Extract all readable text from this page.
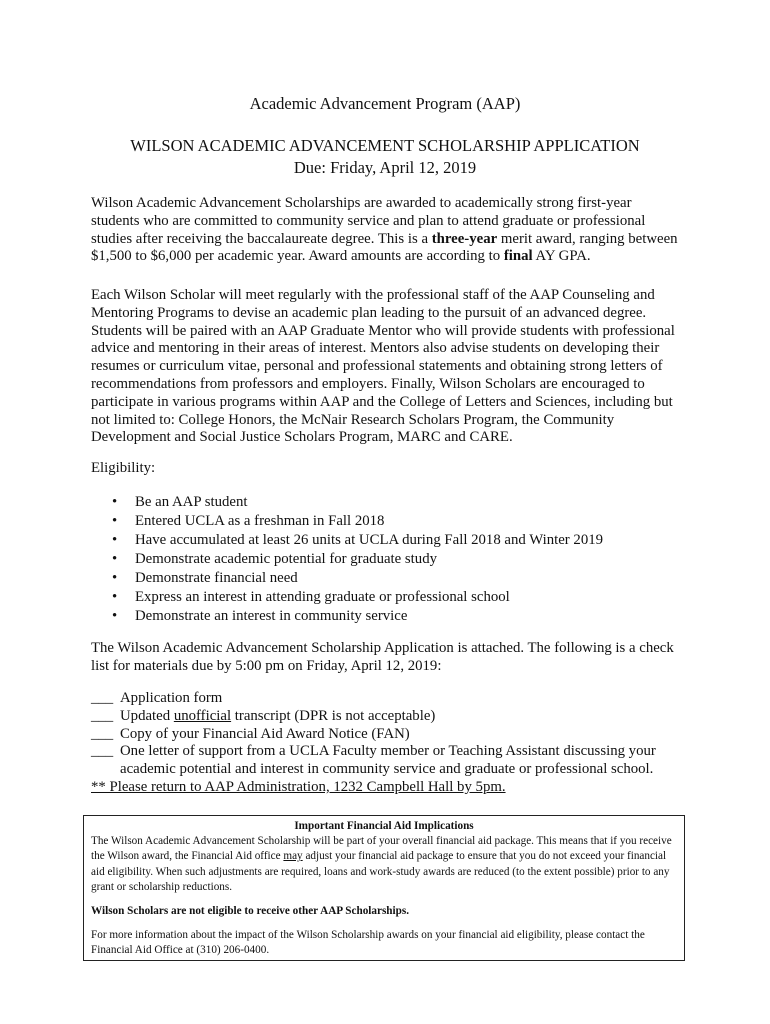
Academic Advancement Program (AAP)
WILSON ACADEMIC ADVANCEMENT SCHOLARSHIP APPLICATION
Due: Friday, April 12, 2019
Wilson Academic Advancement Scholarships are awarded to academically strong first-year students who are committed to community service and plan to attend graduate or professional studies after receiving the baccalaureate degree. This is a three-year merit award, ranging between $1,500 to $6,000 per academic year. Award amounts are according to final AY GPA.
Each Wilson Scholar will meet regularly with the professional staff of the AAP Counseling and Mentoring Programs to devise an academic plan leading to the pursuit of an advanced degree. Students will be paired with an AAP Graduate Mentor who will provide students with professional advice and mentoring in their areas of interest. Mentors also advise students on developing their resumes or curriculum vitae, personal and professional statements and obtaining strong letters of recommendations from professors and employers. Finally, Wilson Scholars are encouraged to participate in various programs within AAP and the College of Letters and Sciences, including but not limited to: College Honors, the McNair Research Scholars Program, the Community Development and Social Justice Scholars Program, MARC and CARE.
Eligibility:
• Be an AAP student
• Entered UCLA as a freshman in Fall 2018
• Have accumulated at least 26 units at UCLA during Fall 2018 and Winter 2019
• Demonstrate academic potential for graduate study
• Demonstrate financial need
• Express an interest in attending graduate or professional school
• Demonstrate an interest in community service
The Wilson Academic Advancement Scholarship Application is attached. The following is a check list for materials due by 5:00 pm on Friday, April 12, 2019:
___ Application form
___ Updated unofficial transcript (DPR is not acceptable)
___ Copy of your Financial Aid Award Notice (FAN)
___ One letter of support from a UCLA Faculty member or Teaching Assistant discussing your academic potential and interest in community service and graduate or professional school.
** Please return to AAP Administration, 1232 Campbell Hall by 5pm.
Important Financial Aid Implications
The Wilson Academic Advancement Scholarship will be part of your overall financial aid package. This means that if you receive the Wilson award, the Financial Aid office may adjust your financial aid package to ensure that you do not exceed your financial aid eligibility. When such adjustments are required, loans and work-study awards are reduced (to the extent possible) prior to any grant or scholarship reductions.
Wilson Scholars are not eligible to receive other AAP Scholarships.
For more information about the impact of the Wilson Scholarship awards on your financial aid eligibility, please contact the Financial Aid Office at (310) 206-0400.
